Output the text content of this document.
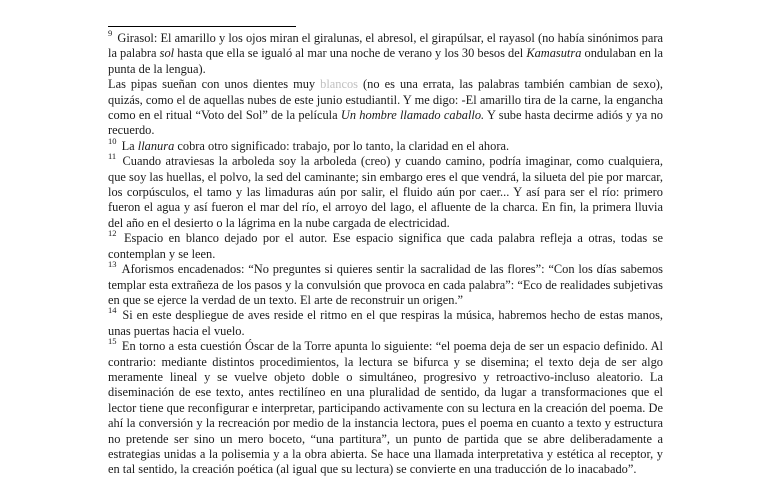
$^9$ Girasol: El amarillo y los ojos miran el giralunas, el abresol, el girapúlsar, el rayasol (no había sinónimos para la palabra sol hasta que ella se igualó al mar una noche de verano y los 30 besos del Kamasutra ondulaban en la punta de la lengua).

Las pipas sueñan con unos dientes muy blancos (no es una errata, las palabras también cambian de sexo), quizás, como el de aquellas nubes de este junio estudiantil. Y me digo: -El amarillo tira de la carne, la engancha como en el ritual “Voto del Sol” de la película Un hombre llamado caballo. Y sube hasta decirme adiós y ya no recuerdo.

$^{10}$ La llanura cobra otro significado: trabajo, por lo tanto, la claridad en el ahora.

$^{11}$ Cuando atraviesas la arboleda soy la arboleda (creo) y cuando camino, podría imaginar, como cualquiera, que soy las huellas, el polvo, la sed del caminante; sin embargo eres el que vendrá, la silueta del pie por marcar, los corpúsculos, el tamo y las limaduras aún por salir, el fluido aún por caer... Y así para ser el río: primero fueron el agua y así fueron el mar del río, el arroyo del lago, el afluente de la charca. En fin, la primera lluvia del año en el desierto o la lágrima en la nube cargada de electricidad.

$^{12}$ Espacio en blanco dejado por el autor. Ese espacio significa que cada palabra refleja a otras, todas se contemplan y se leen.

$^{13}$ Aforismos encadenados: “No preguntes si quieres sentir la sacralidad de las flores”: “Con los días sabemos templar esta extrañeza de los pasos y la convulsión que provoca en cada palabra”: “Eco de realidades subjetivas en que se ejerce la verdad de un texto. El arte de reconstruir un origen.”

$^{14}$ Si en este despliegue de aves reside el ritmo en el que respiras la música, habremos hecho de estas manos, unas puertas hacia el vuelo.

$^{15}$ En torno a esta cuestión Óscar de la Torre apunta lo siguiente: “el poema deja de ser un espacio definido. Al contrario: mediante distintos procedimientos, la lectura se bifurca y se disemina; el texto deja de ser algo meramente lineal y se vuelve objeto doble o simultáneo, progresivo y retroactivo-incluso aleatorio. La diseminación de ese texto, antes rectilíneo en una pluralidad de sentido, da lugar a transformaciones que el lector tiene que reconfigurar e interpretar, participando activamente con su lectura en la creación del poema. De ahí la conversión y la recreación por medio de la instancia lectora, pues el poema en cuanto a texto y estructura no pretende ser sino un mero boceto, “una partitura”, un punto de partida que se abre deliberadamente a estrategias unidas a la polisemia y a la obra abierta. Se hace una llamada interpretativa y estética al receptor, y en tal sentido, la creación poética (al igual que su lectura) se convierte en una traducción de lo inacabado”.
